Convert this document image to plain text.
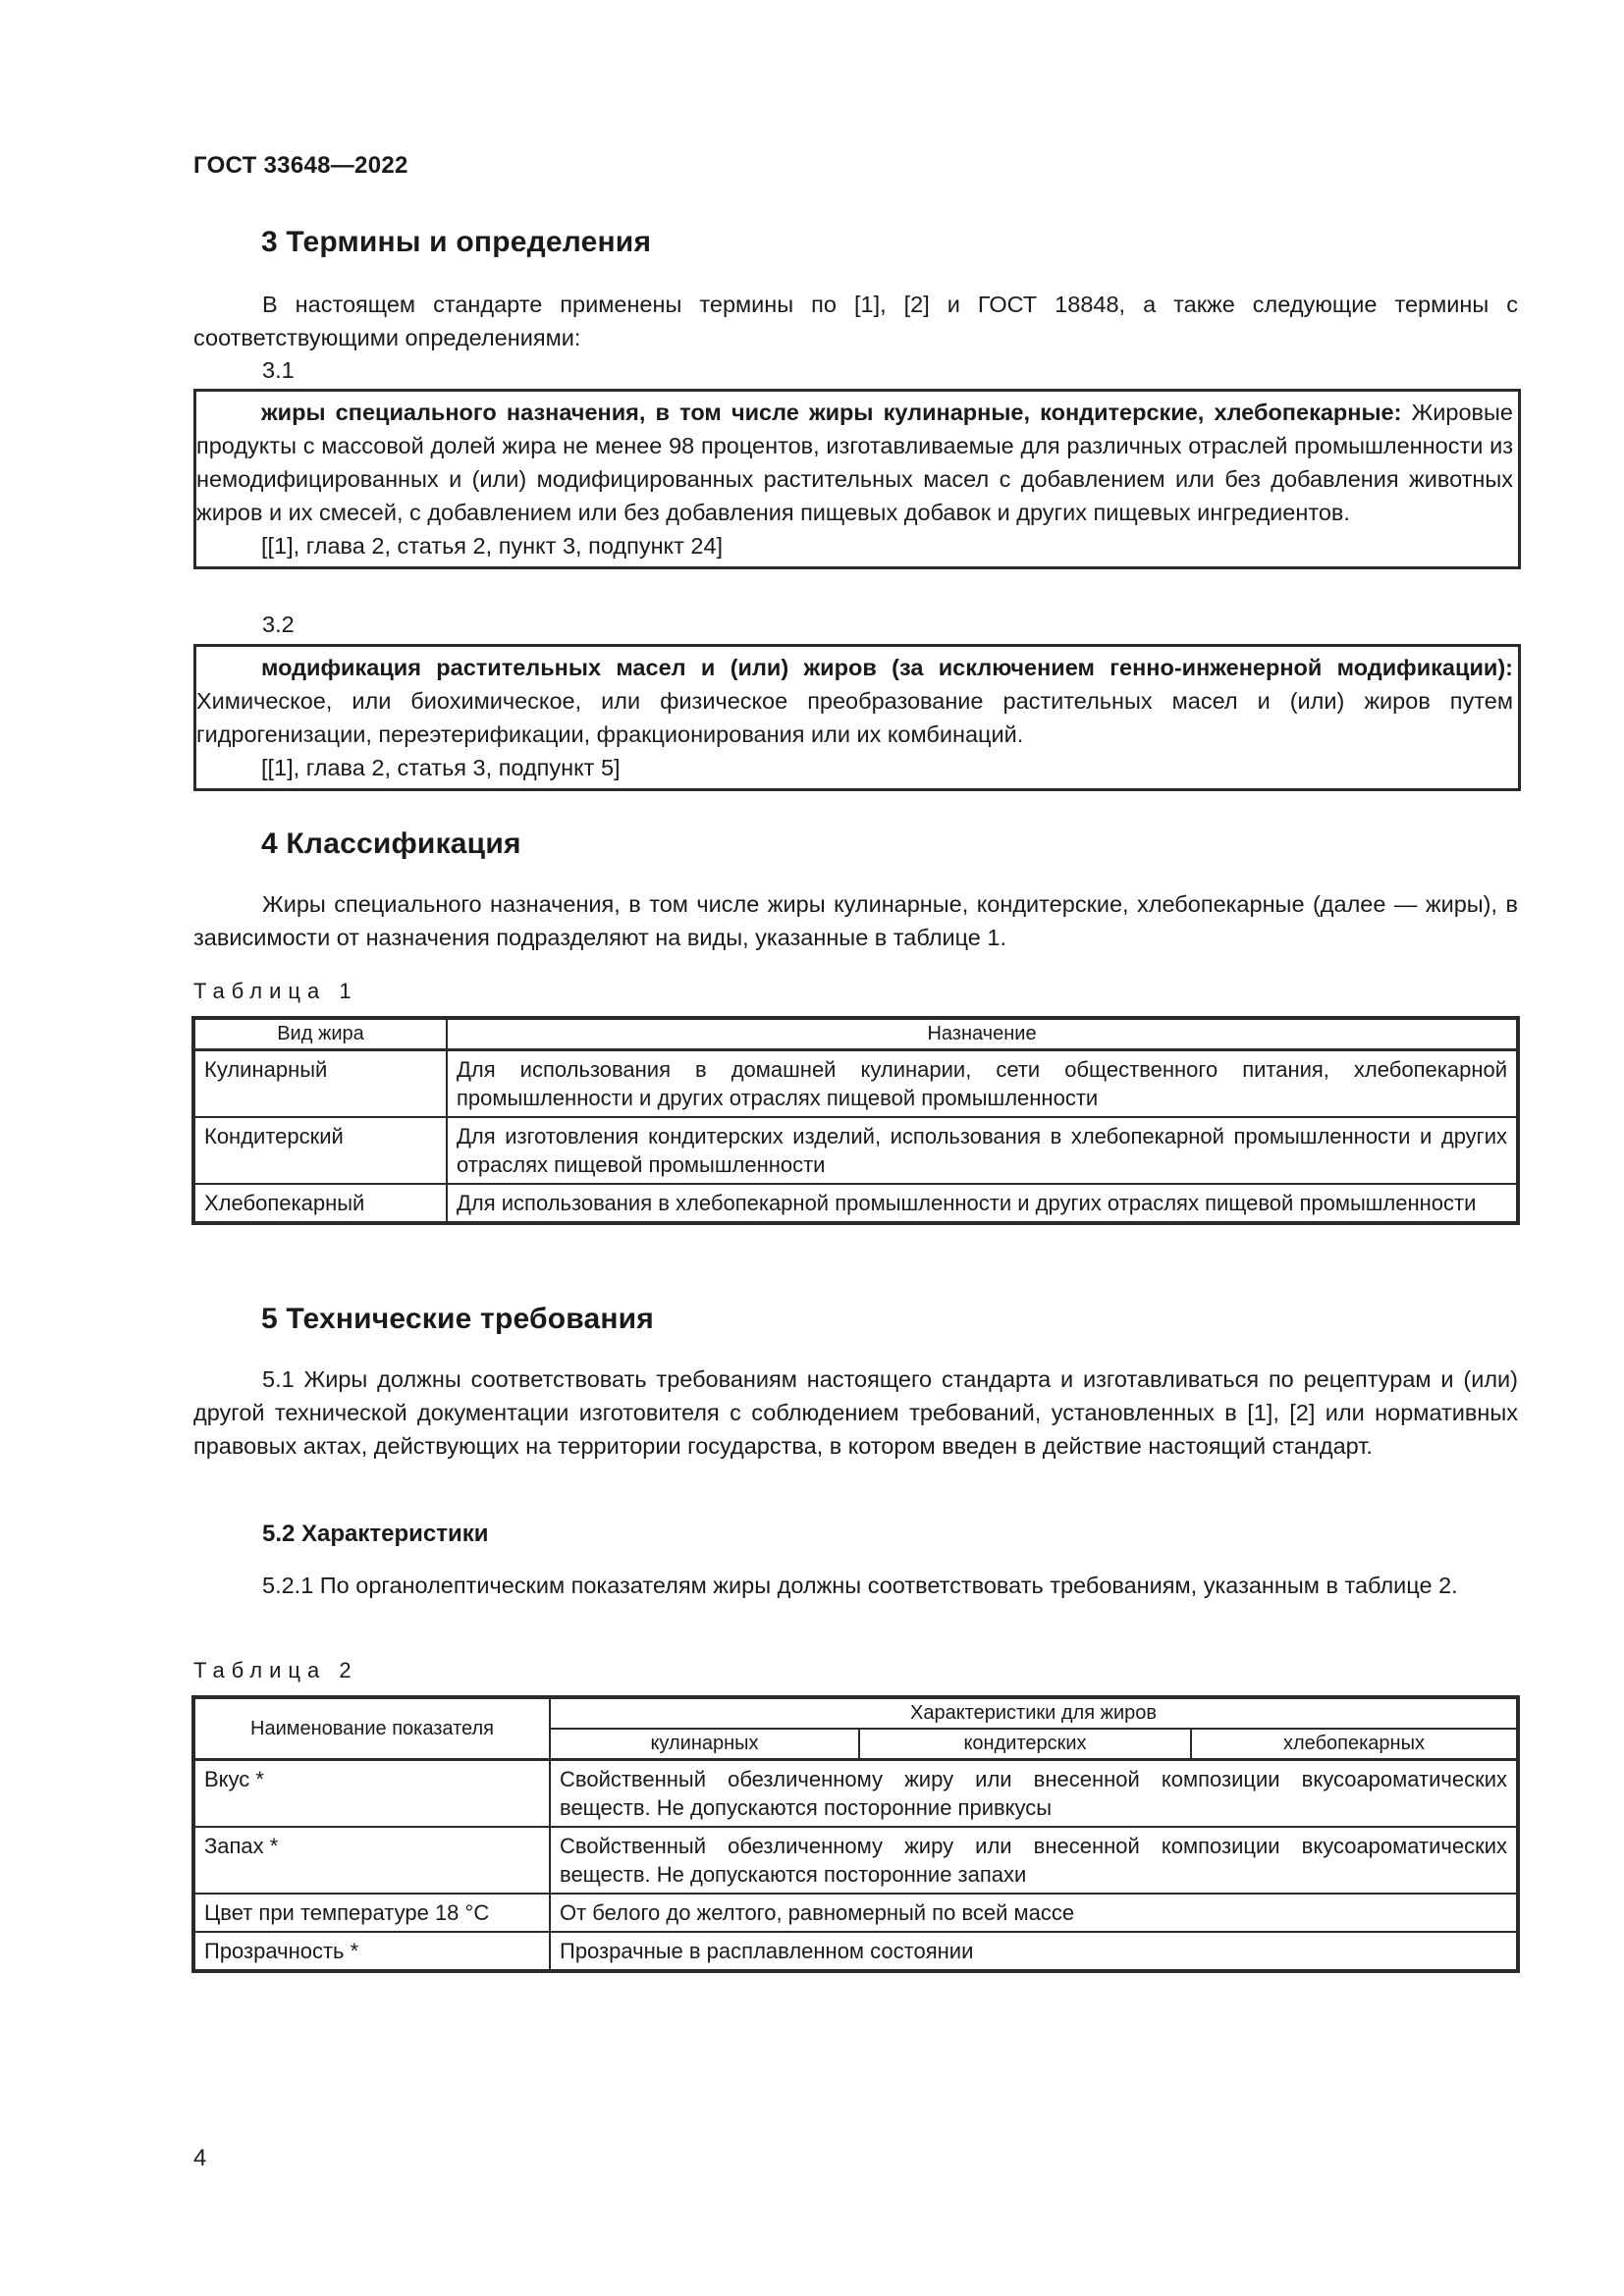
ГОСТ 33648—2022
3 Термины и определения

В настоящем стандарте применены термины по [1], [2] и ГОСТ 18848, а также следующие термины с соответствующими определениями:

3.1

жиры специального назначения, в том числе жиры кулинарные, кондитерские, хлебопекарные: Жировые продукты с массовой долей жира не менее 98 процентов, изготавливаемые для различных отраслей промышленности из немодифицированных и (или) модифицированных растительных масел с добавлением или без добавления животных жиров и их смесей, с добавлением или без добавления пищевых добавок и других пищевых ингредиентов.

[[1], глава 2, статья 2, пункт 3, подпункт 24]

3.2

модификация растительных масел и (или) жиров (за исключением генно-инженерной модификации): Химическое, или биохимическое, или физическое преобразование растительных масел и (или) жиров путем гидрогенизации, переэтерификации, фракционирования или их комбинаций.

[[1], глава 2, статья 3, подпункт 5]

4 Классификация

Жиры специального назначения, в том числе жиры кулинарные, кондитерские, хлебопекарные (далее — жиры), в зависимости от назначения подразделяют на виды, указанные в таблице 1.

Таблица 1
Вид жира	Назначение
Кулинарный	Для использования в домашней кулинарии, сети общественного питания, хлебопекарной промышленности и других отраслях пищевой промышленности
Кондитерский	Для изготовления кондитерских изделий, использования в хлебопекарной промышленности и других отраслях пищевой промышленности
Хлебопекарный	Для использования в хлебопекарной промышленности и других отраслях пищевой промышленности
5 Технические требования

5.1 Жиры должны соответствовать требованиям настоящего стандарта и изготавливаться по рецептурам и (или) другой технической документации изготовителя с соблюдением требований, установленных в [1], [2] или нормативных правовых актах, действующих на территории государства, в котором введен в действие настоящий стандарт.

5.2 Характеристики

5.2.1 По органолептическим показателям жиры должны соответствовать требованиям, указанным в таблице 2.

Таблица 2
Наименование показателя	Характеристики для жиров		
	кулинарных	кондитерских	хлебопекарных
Вкус *	Свойственный обезличенному жиру или внесенной композиции вкусоароматических веществ. Не допускаются посторонние привкусы		
Запах *	Свойственный обезличенному жиру или внесенной композиции вкусоароматических веществ. Не допускаются посторонние запахи		
Цвет при температуре 18 °С	От белого до желтого, равномерный по всей массе		
Прозрачность *	Прозрачные в расплавленном состоянии		
4
